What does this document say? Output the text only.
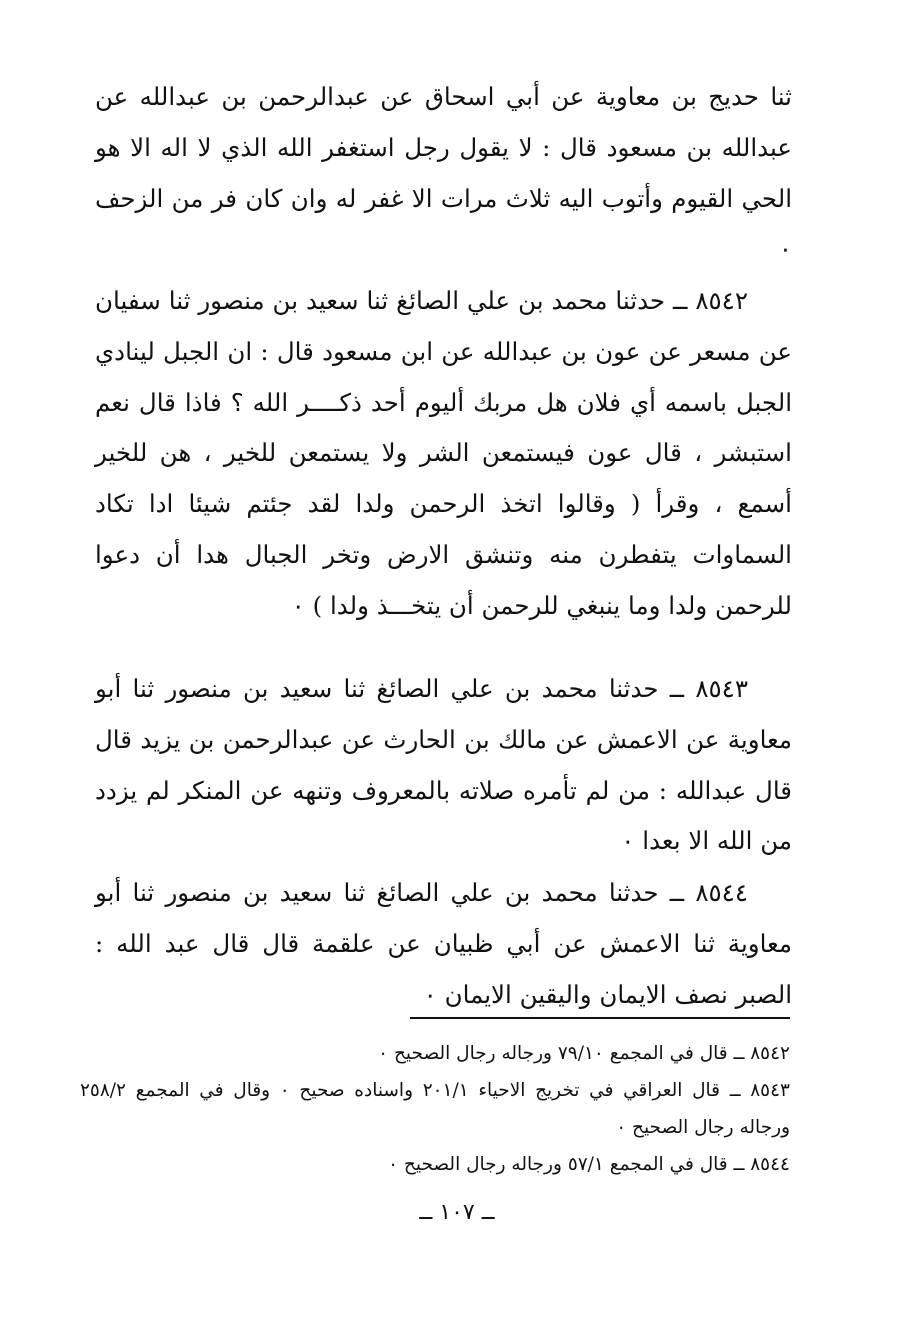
ثنا حديج بن معاوية عن أبي اسحاق عن عبدالرحمن بن عبدالله عن عبدالله بن مسعود قال : لا يقول رجل استغفر الله الذي لا اله الا هو الحي القيوم وأتوب اليه ثلاث مرات الا غفر له وان كان فر من الزحف ٠

٨٥٤٢ ــ حدثنا محمد بن علي الصائغ ثنا سعيد بن منصور ثنا سفيان عن مسعر عن عون بن عبدالله عن ابن مسعود قال : ان الجبل لينادي الجبل باسمه أي فلان هل مربك أليوم أحد ذكــــر الله ؟ فاذا قال نعم استبشر ، قال عون فيستمعن الشر ولا يستمعن للخير ، هن للخير أسمع ، وقرأ ( وقالوا اتخذ الرحمن ولدا لقد جئتم شيئا ادا تكاد السماوات يتفطرن منه وتنشق الارض وتخر الجبال هدا أن دعوا للرحمن ولدا وما ينبغي للرحمن أن يتخـــذ ولدا ) ٠

٨٥٤٣ ــ حدثنا محمد بن علي الصائغ ثنا سعيد بن منصور ثنا أبو معاوية عن الاعمش عن مالك بن الحارث عن عبدالرحمن بن يزيد قال قال عبدالله : من لم تأمره صلاته بالمعروف وتنهه عن المنكر لم يزدد من الله الا بعدا ٠

٨٥٤٤ ــ حدثنا محمد بن علي الصائغ ثنا سعيد بن منصور ثنا أبو معاوية ثنا الاعمش عن أبي ظبيان عن علقمة قال قال عبد الله : الصبر نصف الايمان واليقين الايمان ٠

٨٥٤٢ ــ قال في المجمع ٧٩/١٠ ورجاله رجال الصحيح ٠

٨٥٤٣ ــ قال العراقي في تخريج الاحياء ٢٠١/١ واسناده صحيح ٠ وقال في المجمع ٢٥٨/٢ ورجاله رجال الصحيح ٠

٨٥٤٤ ــ قال في المجمع ٥٧/١ ورجاله رجال الصحيح ٠

ــ ١٠٧ ــ
